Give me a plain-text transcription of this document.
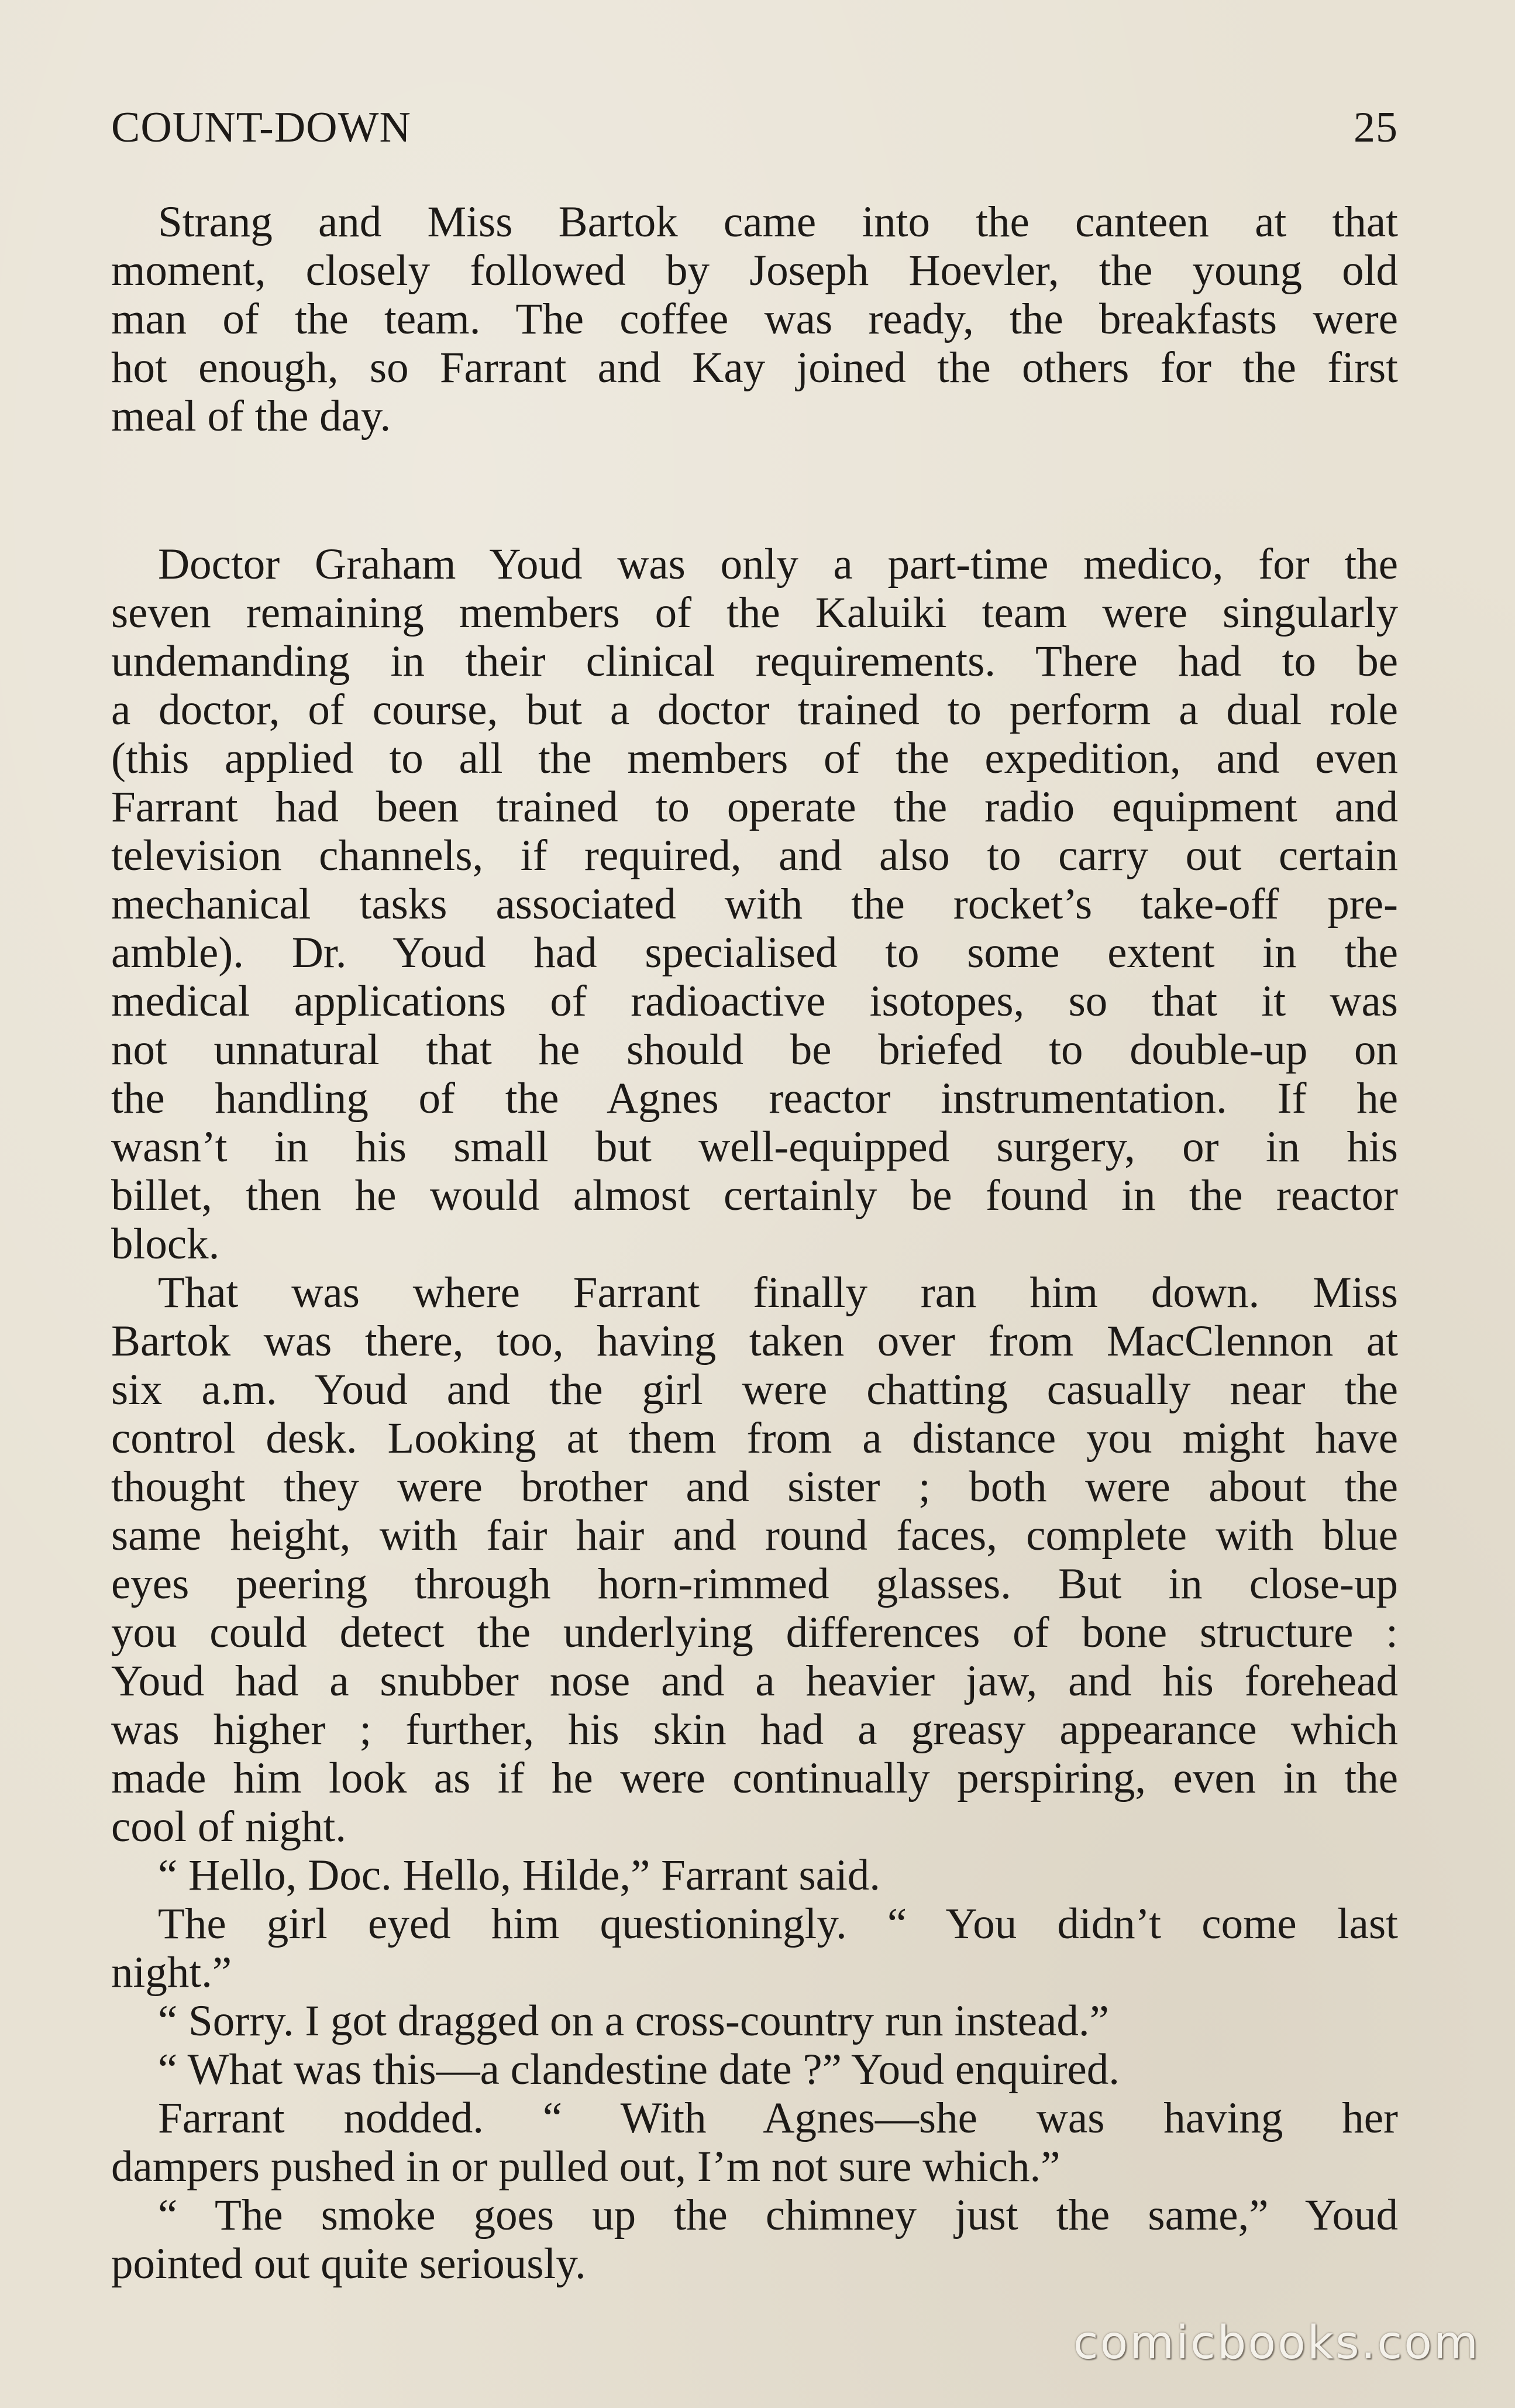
COUNT-DOWN	25
Strang and Miss Bartok came into the canteen at that
moment, closely followed by Joseph Hoevler, the young old
man of the team. The coffee was ready, the breakfasts were
hot enough, so Farrant and Kay joined the others for the first
meal of the day.
Doctor Graham Youd was only a part-time medico, for the
seven remaining members of the Kaluiki team were singularly
undemanding in their clinical requirements. There had to be
a doctor, of course, but a doctor trained to perform a dual role
(this applied to all the members of the expedition, and even
Farrant had been trained to operate the radio equipment and
television channels, if required, and also to carry out certain
mechanical tasks associated with the rocket’s take-off pre-
amble). Dr. Youd had specialised to some extent in the
medical applications of radioactive isotopes, so that it was
not unnatural that he should be briefed to double-up on
the handling of the Agnes reactor instrumentation. If he
wasn’t in his small but well-equipped surgery, or in his
billet, then he would almost certainly be found in the reactor
block.
That was where Farrant finally ran him down. Miss
Bartok was there, too, having taken over from MacClennon at
six a.m. Youd and the girl were chatting casually near the
control desk. Looking at them from a distance you might have
thought they were brother and sister ; both were about the
same height, with fair hair and round faces, complete with blue
eyes peering through horn-rimmed glasses. But in close-up
you could detect the underlying differences of bone structure :
Youd had a snubber nose and a heavier jaw, and his forehead
was higher ; further, his skin had a greasy appearance which
made him look as if he were continually perspiring, even in the
cool of night.
“ Hello, Doc. Hello, Hilde,” Farrant said.
The girl eyed him questioningly. “ You didn’t come last
night.”
“ Sorry. I got dragged on a cross-country run instead.”
“ What was this—a clandestine date ?” Youd enquired.
Farrant nodded. “ With Agnes—she was having her
dampers pushed in or pulled out, I’m not sure which.”
“ The smoke goes up the chimney just the same,” Youd
pointed out quite seriously.
comicbooks.com
